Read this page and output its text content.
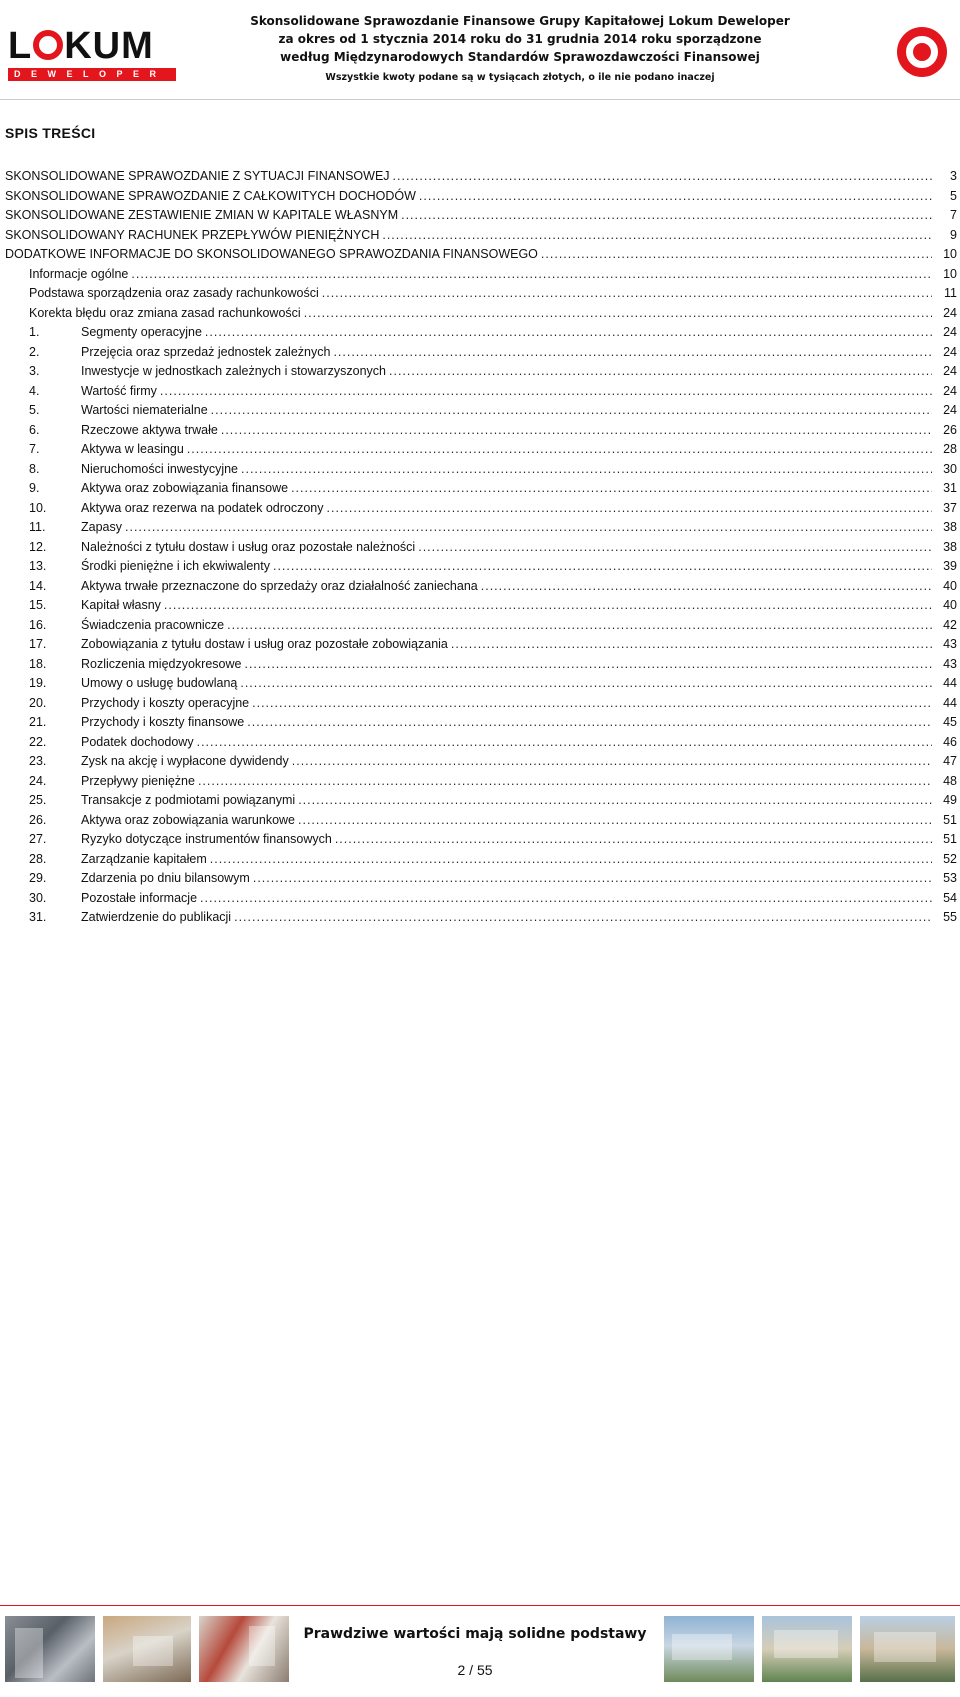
L KUM
DEWELOPER
Skonsolidowane Sprawozdanie Finansowe Grupy Kapitałowej Lokum Deweloper
za okres od 1 stycznia 2014 roku do 31 grudnia 2014 roku sporządzone
według Międzynarodowych Standardów Sprawozdawczości Finansowej
Wszystkie kwoty podane są w tysiącach złotych, o ile nie podano inaczej
SPIS TREŚCI
SKONSOLIDOWANE SPRAWOZDANIE Z SYTUACJI FINANSOWEJ .....	3
SKONSOLIDOWANE SPRAWOZDANIE Z CAŁKOWITYCH DOCHODÓW .....	5
SKONSOLIDOWANE ZESTAWIENIE ZMIAN W KAPITALE WŁASNYM .....	7
SKONSOLIDOWANY RACHUNEK PRZEPŁYWÓW PIENIĘŻNYCH .....	9
DODATKOWE INFORMACJE DO SKONSOLIDOWANEGO SPRAWOZDANIA FINANSOWEGO .....	10
Informacje ogólne .....	10
Podstawa sporządzenia oraz zasady rachunkowości .....	11
Korekta błędu oraz zmiana zasad rachunkowości .....	24
1.	Segmenty operacyjne .....	24
2.	Przejęcia oraz sprzedaż jednostek zależnych .....	24
3.	Inwestycje w jednostkach zależnych i stowarzyszonych .....	24
4.	Wartość firmy .....	24
5.	Wartości niematerialne .....	24
6.	Rzeczowe aktywa trwałe .....	26
7.	Aktywa w leasingu .....	28
8.	Nieruchomości inwestycyjne .....	30
9.	Aktywa oraz zobowiązania finansowe .....	31
10.	Aktywa oraz rezerwa na podatek odroczony .....	37
11.	Zapasy .....	38
12.	Należności z tytułu dostaw i usług oraz pozostałe należności .....	38
13.	Środki pieniężne i ich ekwiwalenty .....	39
14.	Aktywa trwałe przeznaczone do sprzedaży oraz działalność zaniechana .....	40
15.	Kapitał własny .....	40
16.	Świadczenia pracownicze .....	42
17.	Zobowiązania z tytułu dostaw i usług oraz pozostałe zobowiązania .....	43
18.	Rozliczenia międzyokresowe .....	43
19.	Umowy o usługę budowlaną .....	44
20.	Przychody i koszty operacyjne .....	44
21.	Przychody i koszty finansowe .....	45
22.	Podatek dochodowy .....	46
23.	Zysk na akcję i wypłacone dywidendy .....	47
24.	Przepływy pieniężne .....	48
25.	Transakcje z podmiotami powiązanymi .....	49
26.	Aktywa oraz zobowiązania warunkowe .....	51
27.	Ryzyko dotyczące instrumentów finansowych .....	51
28.	Zarządzanie kapitałem .....	52
29.	Zdarzenia po dniu bilansowym .....	53
30.	Pozostałe informacje .....	54
31.	Zatwierdzenie do publikacji .....	55
Prawdziwe wartości mają solidne podstawy
2 / 55
